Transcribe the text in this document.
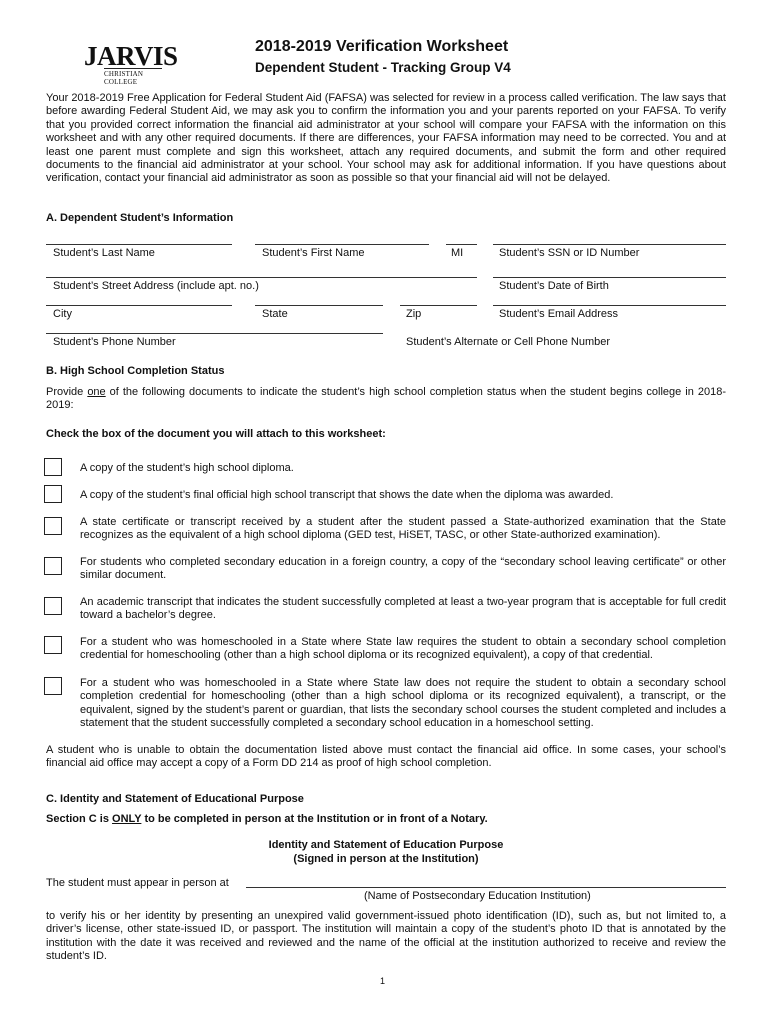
JARVIS
CHRISTIAN COLLEGE
2018-2019 Verification Worksheet
Dependent Student - Tracking Group V4
Your 2018-2019 Free Application for Federal Student Aid (FAFSA) was selected for review in a process called verification. The law says that before awarding Federal Student Aid, we may ask you to confirm the information you and your parents reported on your FAFSA. To verify that you provided correct information the financial aid administrator at your school will compare your FAFSA with the information on this worksheet and with any other required documents. If there are differences, your FAFSA information may need to be corrected. You and at least one parent must complete and sign this worksheet, attach any required documents, and submit the form and other required documents to the financial aid administrator at your school. Your school may ask for additional information. If you have questions about verification, contact your financial aid administrator as soon as possible so that your financial aid will not be delayed.
A. Dependent Student’s Information
Student’s Last Name	Student’s First Name	MI	Student’s SSN or ID Number
Student’s Street Address (include apt. no.)	Student’s Date of Birth
City	State	Zip	Student’s Email Address
Student’s Phone Number	Student’s Alternate or Cell Phone Number
B. High School Completion Status
Provide one of the following documents to indicate the student’s high school completion status when the student begins college in 2018-2019:
Check the box of the document you will attach to this worksheet:
A copy of the student’s high school diploma.
A copy of the student’s final official high school transcript that shows the date when the diploma was awarded.
A state certificate or transcript received by a student after the student passed a State-authorized examination that the State recognizes as the equivalent of a high school diploma (GED test, HiSET, TASC, or other State-authorized examination).
For students who completed secondary education in a foreign country, a copy of the “secondary school leaving certificate” or other similar document.
An academic transcript that indicates the student successfully completed at least a two-year program that is acceptable for full credit toward a bachelor’s degree.
For a student who was homeschooled in a State where State law requires the student to obtain a secondary school completion credential for homeschooling (other than a high school diploma or its recognized equivalent), a copy of that credential.
For a student who was homeschooled in a State where State law does not require the student to obtain a secondary school completion credential for homeschooling (other than a high school diploma or its recognized equivalent), a transcript, or the equivalent, signed by the student’s parent or guardian, that lists the secondary school courses the student completed and includes a statement that the student successfully completed a secondary school education in a homeschool setting.
A student who is unable to obtain the documentation listed above must contact the financial aid office. In some cases, your school’s financial aid office may accept a copy of a Form DD 214 as proof of high school completion.
C. Identity and Statement of Educational Purpose
Section C is ONLY to be completed in person at the Institution or in front of a Notary.
Identity and Statement of Education Purpose
(Signed in person at the Institution)
The student must appear in person at
(Name of Postsecondary Education Institution)
to verify his or her identity by presenting an unexpired valid government-issued photo identification (ID), such as, but not limited to, a driver’s license, other state-issued ID, or passport. The institution will maintain a copy of the student’s photo ID that is annotated by the institution with the date it was received and reviewed and the name of the official at the institution authorized to receive and review the student’s ID.
1
